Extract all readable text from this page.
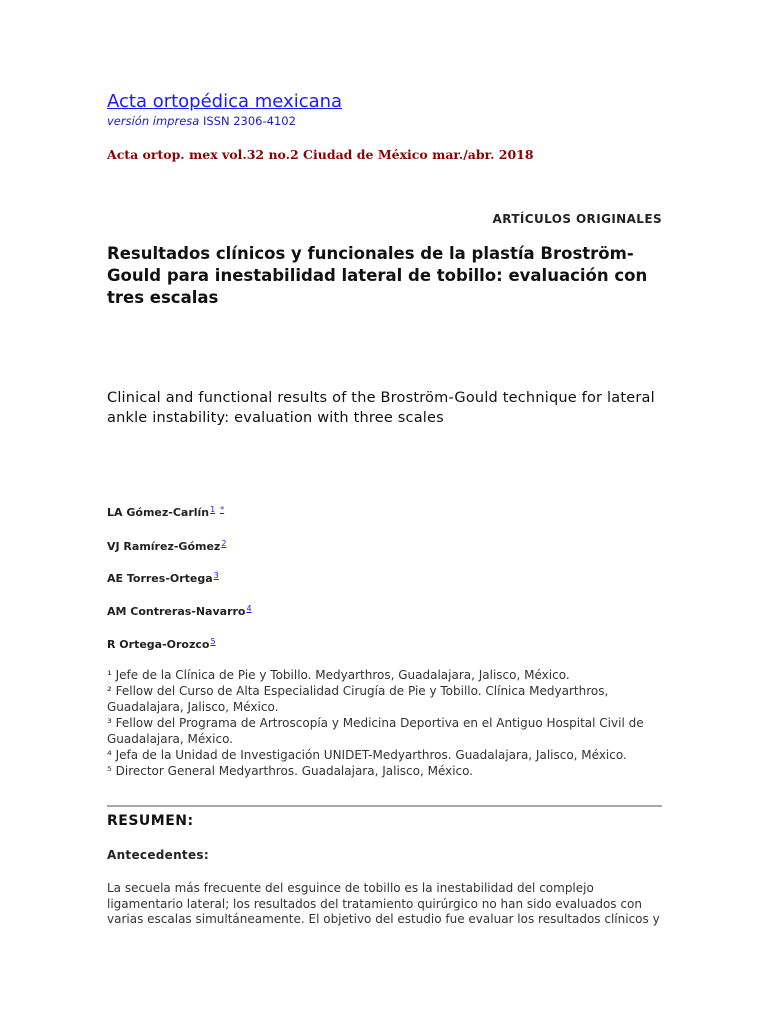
Acta ortopédica mexicana
versión impresa ISSN 2306-4102
Acta ortop. mex vol.32 no.2 Ciudad de México mar./abr. 2018
ARTÍCULOS ORIGINALES
Resultados clínicos y funcionales de la plastía Broström-Gould para inestabilidad lateral de tobillo: evaluación con tres escalas
Clinical and functional results of the Broström-Gould technique for lateral ankle instability: evaluation with three scales
LA Gómez-Carlín$^1$ *
VJ Ramírez-Gómez$^2$
AE Torres-Ortega$^3$
AM Contreras-Navarro$^4$
R Ortega-Orozco$^5$

¹ Jefe de la Clínica de Pie y Tobillo. Medyarthros, Guadalajara, Jalisco, México.

² Fellow del Curso de Alta Especialidad Cirugía de Pie y Tobillo. Clínica Medyarthros, Guadalajara, Jalisco, México.

³ Fellow del Programa de Artroscopía y Medicina Deportiva en el Antiguo Hospital Civil de Guadalajara, México.

⁴ Jefa de la Unidad de Investigación UNIDET-Medyarthros. Guadalajara, Jalisco, México.

⁵ Director General Medyarthros. Guadalajara, Jalisco, México.

RESUMEN:
Antecedentes:

La secuela más frecuente del esguince de tobillo es la inestabilidad del complejo ligamentario lateral; los resultados del tratamiento quirúrgico no han sido evaluados con varias escalas simultáneamente. El objetivo del estudio fue evaluar los resultados clínicos y
